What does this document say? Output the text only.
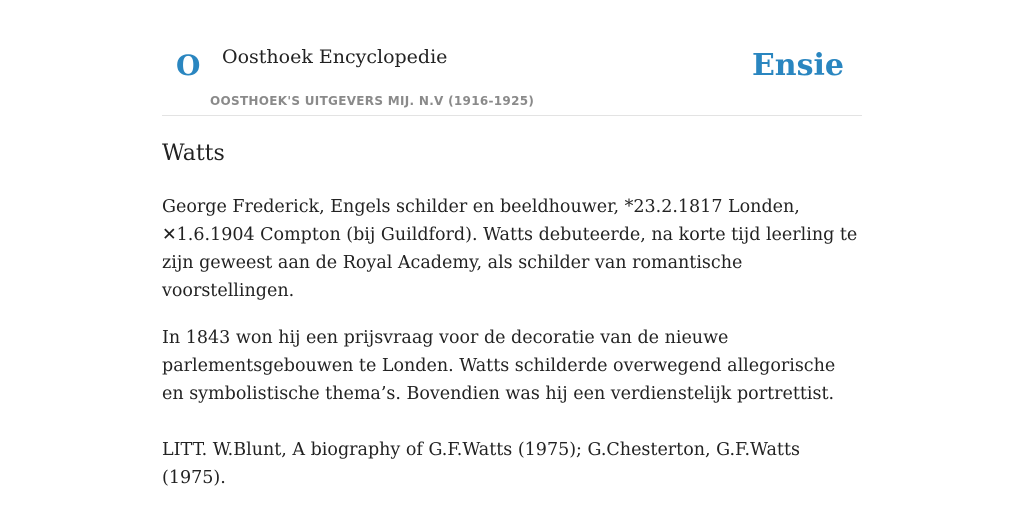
O Oosthoek Encyclopedie
OOSTHOEK'S UITGEVERS MIJ. N.V (1916-1925)
Ensie
Watts

George Frederick, Engels schilder en beeldhouwer, *23.2.1817 Londen, ✕1.6.1904 Compton (bij Guildford). Watts debuteerde, na korte tijd leerling te zijn geweest aan de Royal Academy, als schilder van romantische voorstellingen.

In 1843 won hij een prijsvraag voor de decoratie van de nieuwe parlementsgebouwen te Londen. Watts schilderde overwegend allegorische en symbolistische thema’s. Bovendien was hij een verdienstelijk portrettist.

LITT. W.Blunt, A biography of G.F.Watts (1975); G.Chesterton, G.F.Watts (1975).
